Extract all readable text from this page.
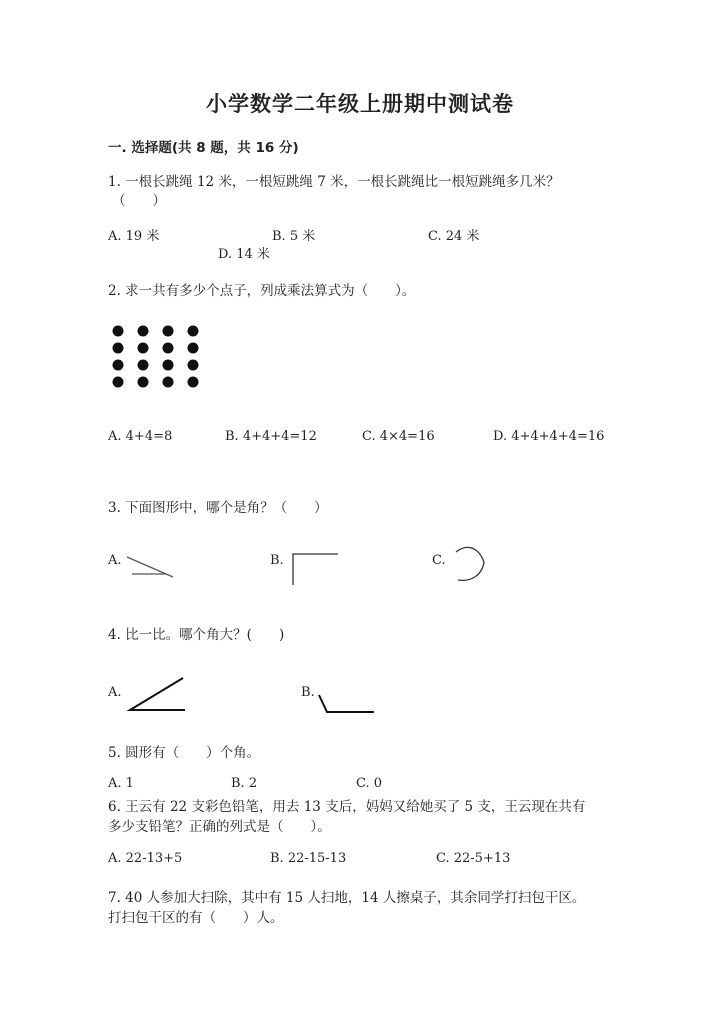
小学数学二年级上册期中测试卷
一. 选择题(共 8 题，共 16 分)
1. 一根长跳绳 12 米，一根短跳绳 7 米，一根长跳绳比一根短跳绳多几米？
（　　）
A. 19 米	B. 5 米	C. 24 米
D. 14 米
2. 求一共有多少个点子，列成乘法算式为（　　）。
A. 4+4=8	B. 4+4+4=12	C. 4×4=16	D. 4+4+4+4=16
3. 下面图形中，哪个是角？（　　）
A.	B.	C.
4. 比一比。哪个角大？(　　)
A.	B.
5. 圆形有（　　）个角。
A. 1	B. 2	C. 0
6. 王云有 22 支彩色铅笔，用去 13 支后，妈妈又给她买了 5 支，王云现在共有
多少支铅笔？正确的列式是（　　）。
A. 22-13+5	B. 22-15-13	C. 22-5+13
7. 40 人参加大扫除，其中有 15 人扫地，14 人擦桌子，其余同学打扫包干区。
打扫包干区的有（　　）人。
